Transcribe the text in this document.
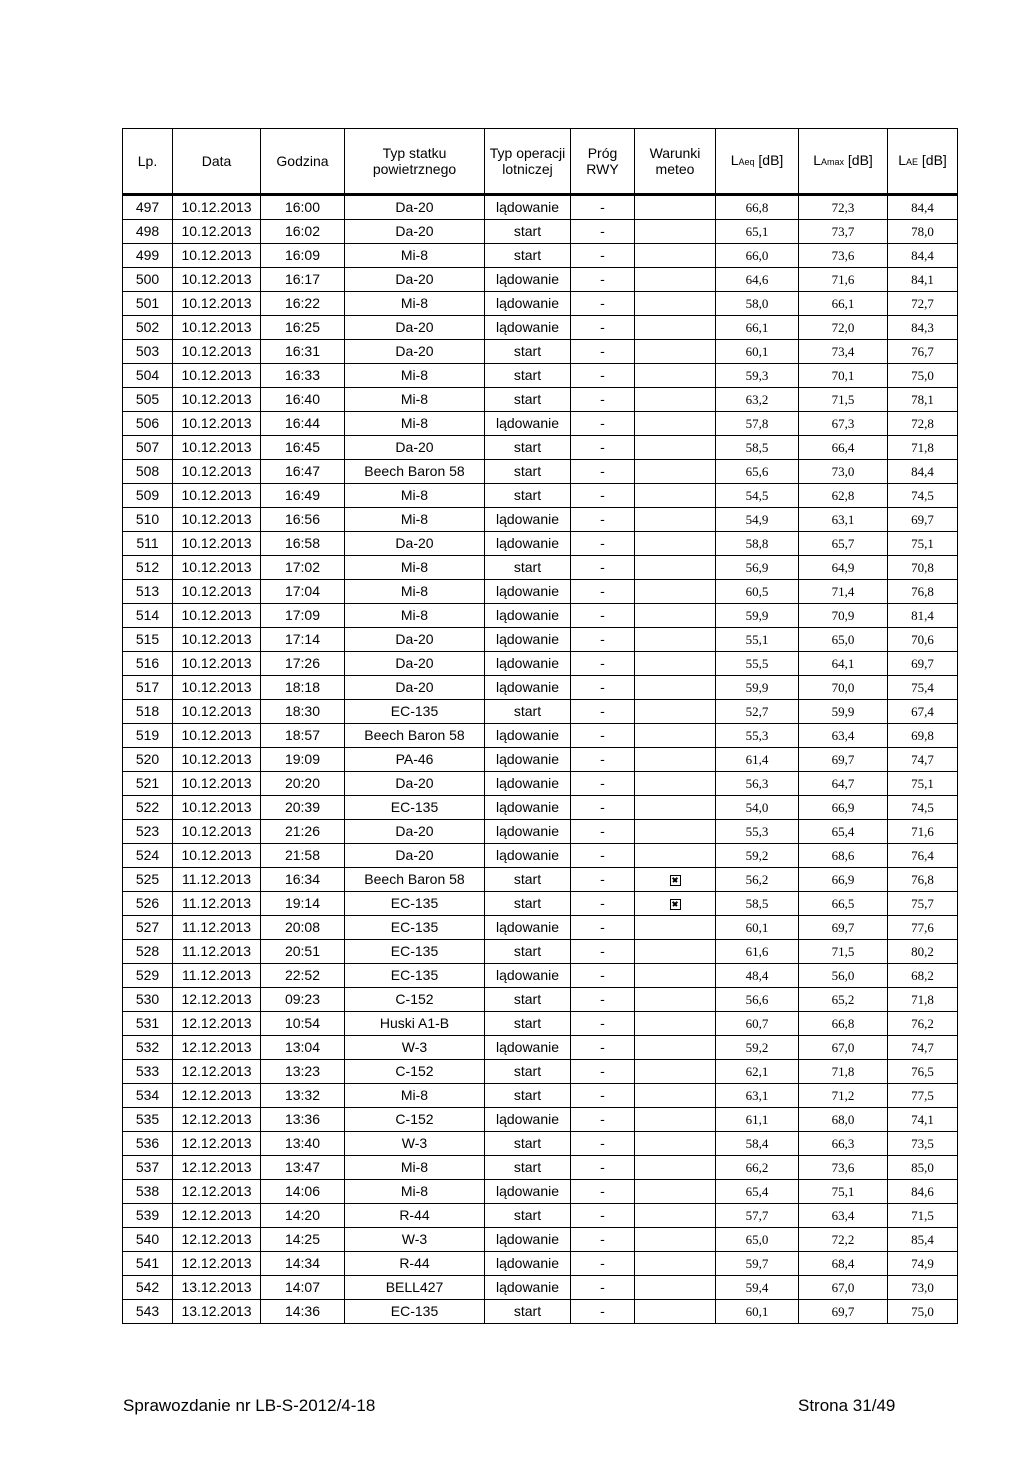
Lp.	Data	Godzina	Typ statku powietrznego	Typ operacji lotniczej	Próg RWY	Warunki meteo	LAeq [dB]	LAmax [dB]	LAE [dB]
497	10.12.2013	16:00	Da-20	lądowanie	-		66,8	72,3	84,4
498	10.12.2013	16:02	Da-20	start	-		65,1	73,7	78,0
499	10.12.2013	16:09	Mi-8	start	-		66,0	73,6	84,4
500	10.12.2013	16:17	Da-20	lądowanie	-		64,6	71,6	84,1
501	10.12.2013	16:22	Mi-8	lądowanie	-		58,0	66,1	72,7
502	10.12.2013	16:25	Da-20	lądowanie	-		66,1	72,0	84,3
503	10.12.2013	16:31	Da-20	start	-		60,1	73,4	76,7
504	10.12.2013	16:33	Mi-8	start	-		59,3	70,1	75,0
505	10.12.2013	16:40	Mi-8	start	-		63,2	71,5	78,1
506	10.12.2013	16:44	Mi-8	lądowanie	-		57,8	67,3	72,8
507	10.12.2013	16:45	Da-20	start	-		58,5	66,4	71,8
508	10.12.2013	16:47	Beech Baron 58	start	-		65,6	73,0	84,4
509	10.12.2013	16:49	Mi-8	start	-		54,5	62,8	74,5
510	10.12.2013	16:56	Mi-8	lądowanie	-		54,9	63,1	69,7
511	10.12.2013	16:58	Da-20	lądowanie	-		58,8	65,7	75,1
512	10.12.2013	17:02	Mi-8	start	-		56,9	64,9	70,8
513	10.12.2013	17:04	Mi-8	lądowanie	-		60,5	71,4	76,8
514	10.12.2013	17:09	Mi-8	lądowanie	-		59,9	70,9	81,4
515	10.12.2013	17:14	Da-20	lądowanie	-		55,1	65,0	70,6
516	10.12.2013	17:26	Da-20	lądowanie	-		55,5	64,1	69,7
517	10.12.2013	18:18	Da-20	lądowanie	-		59,9	70,0	75,4
518	10.12.2013	18:30	EC-135	start	-		52,7	59,9	67,4
519	10.12.2013	18:57	Beech Baron 58	lądowanie	-		55,3	63,4	69,8
520	10.12.2013	19:09	PA-46	lądowanie	-		61,4	69,7	74,7
521	10.12.2013	20:20	Da-20	lądowanie	-		56,3	64,7	75,1
522	10.12.2013	20:39	EC-135	lądowanie	-		54,0	66,9	74,5
523	10.12.2013	21:26	Da-20	lądowanie	-		55,3	65,4	71,6
524	10.12.2013	21:58	Da-20	lądowanie	-		59,2	68,6	76,4
525	11.12.2013	16:34	Beech Baron 58	start	-		56,2	66,9	76,8
526	11.12.2013	19:14	EC-135	start	-		58,5	66,5	75,7
527	11.12.2013	20:08	EC-135	lądowanie	-		60,1	69,7	77,6
528	11.12.2013	20:51	EC-135	start	-		61,6	71,5	80,2
529	11.12.2013	22:52	EC-135	lądowanie	-		48,4	56,0	68,2
530	12.12.2013	09:23	C-152	start	-		56,6	65,2	71,8
531	12.12.2013	10:54	Huski A1-B	start	-		60,7	66,8	76,2
532	12.12.2013	13:04	W-3	lądowanie	-		59,2	67,0	74,7
533	12.12.2013	13:23	C-152	start	-		62,1	71,8	76,5
534	12.12.2013	13:32	Mi-8	start	-		63,1	71,2	77,5
535	12.12.2013	13:36	C-152	lądowanie	-		61,1	68,0	74,1
536	12.12.2013	13:40	W-3	start	-		58,4	66,3	73,5
537	12.12.2013	13:47	Mi-8	start	-		66,2	73,6	85,0
538	12.12.2013	14:06	Mi-8	lądowanie	-		65,4	75,1	84,6
539	12.12.2013	14:20	R-44	start	-		57,7	63,4	71,5
540	12.12.2013	14:25	W-3	lądowanie	-		65,0	72,2	85,4
541	12.12.2013	14:34	R-44	lądowanie	-		59,7	68,4	74,9
542	13.12.2013	14:07	BELL427	lądowanie	-		59,4	67,0	73,0
543	13.12.2013	14:36	EC-135	start	-		60,1	69,7	75,0
Sprawozdanie nr LB-S-2012/4-18	Strona 31/49
